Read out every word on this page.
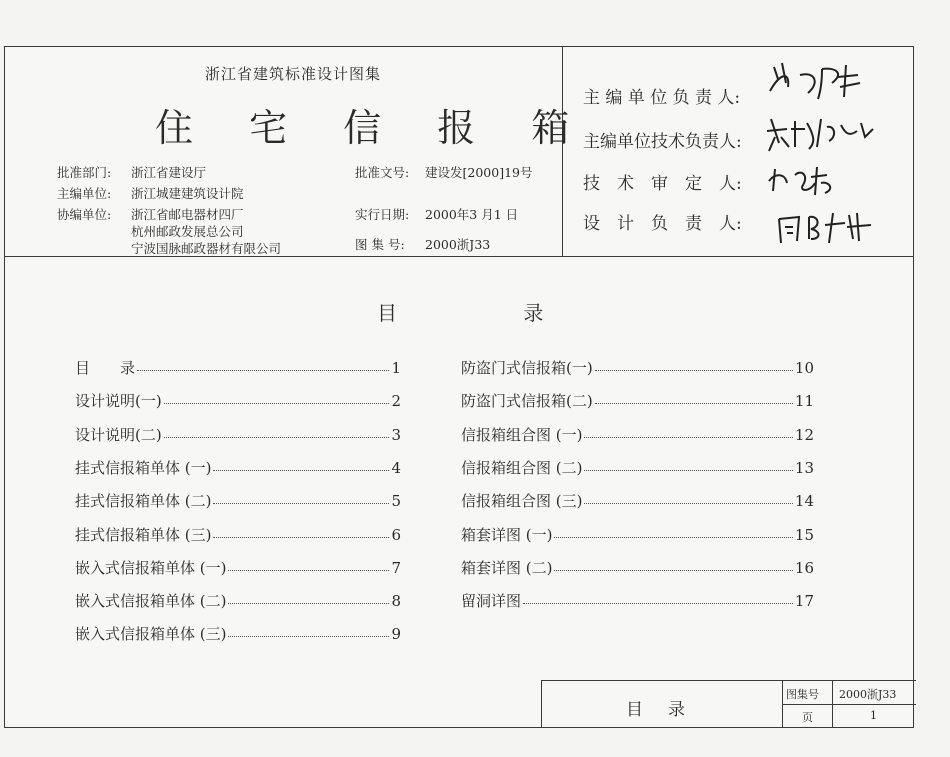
浙江省建筑标准设计图集
住 宅 信 报 箱
批准部门: 浙江省建设厅
主编单位: 浙江城建建筑设计院
协编单位: 浙江省邮电器材四厂
杭州邮政发展总公司
宁波国脉邮政器材有限公司
批准文号: 建设发[2000]19号
实行日期: 2000年3 月1 日
图 集 号: 2000浙J33
主 编 单 位 负 责 人:
主编单位技术负责人:
技　术　审　定　人:
设　计　负　责　人:
目 录
目　　录	1
设计说明(一)	2
设计说明(二)	3
挂式信报箱单体 (一)	4
挂式信报箱单体 (二)	5
挂式信报箱单体 (三)	6
嵌入式信报箱单体 (一)	7
嵌入式信报箱单体 (二)	8
嵌入式信报箱单体 (三)	9
防盗门式信报箱(一)	10
防盗门式信报箱(二)	11
信报箱组合图 (一)	12
信报箱组合图 (二)	13
信报箱组合图 (三)	14
箱套详图 (一)	15
箱套详图 (二)	16
留洞详图	17
目　录
图集号 2000浙J33
页	1
